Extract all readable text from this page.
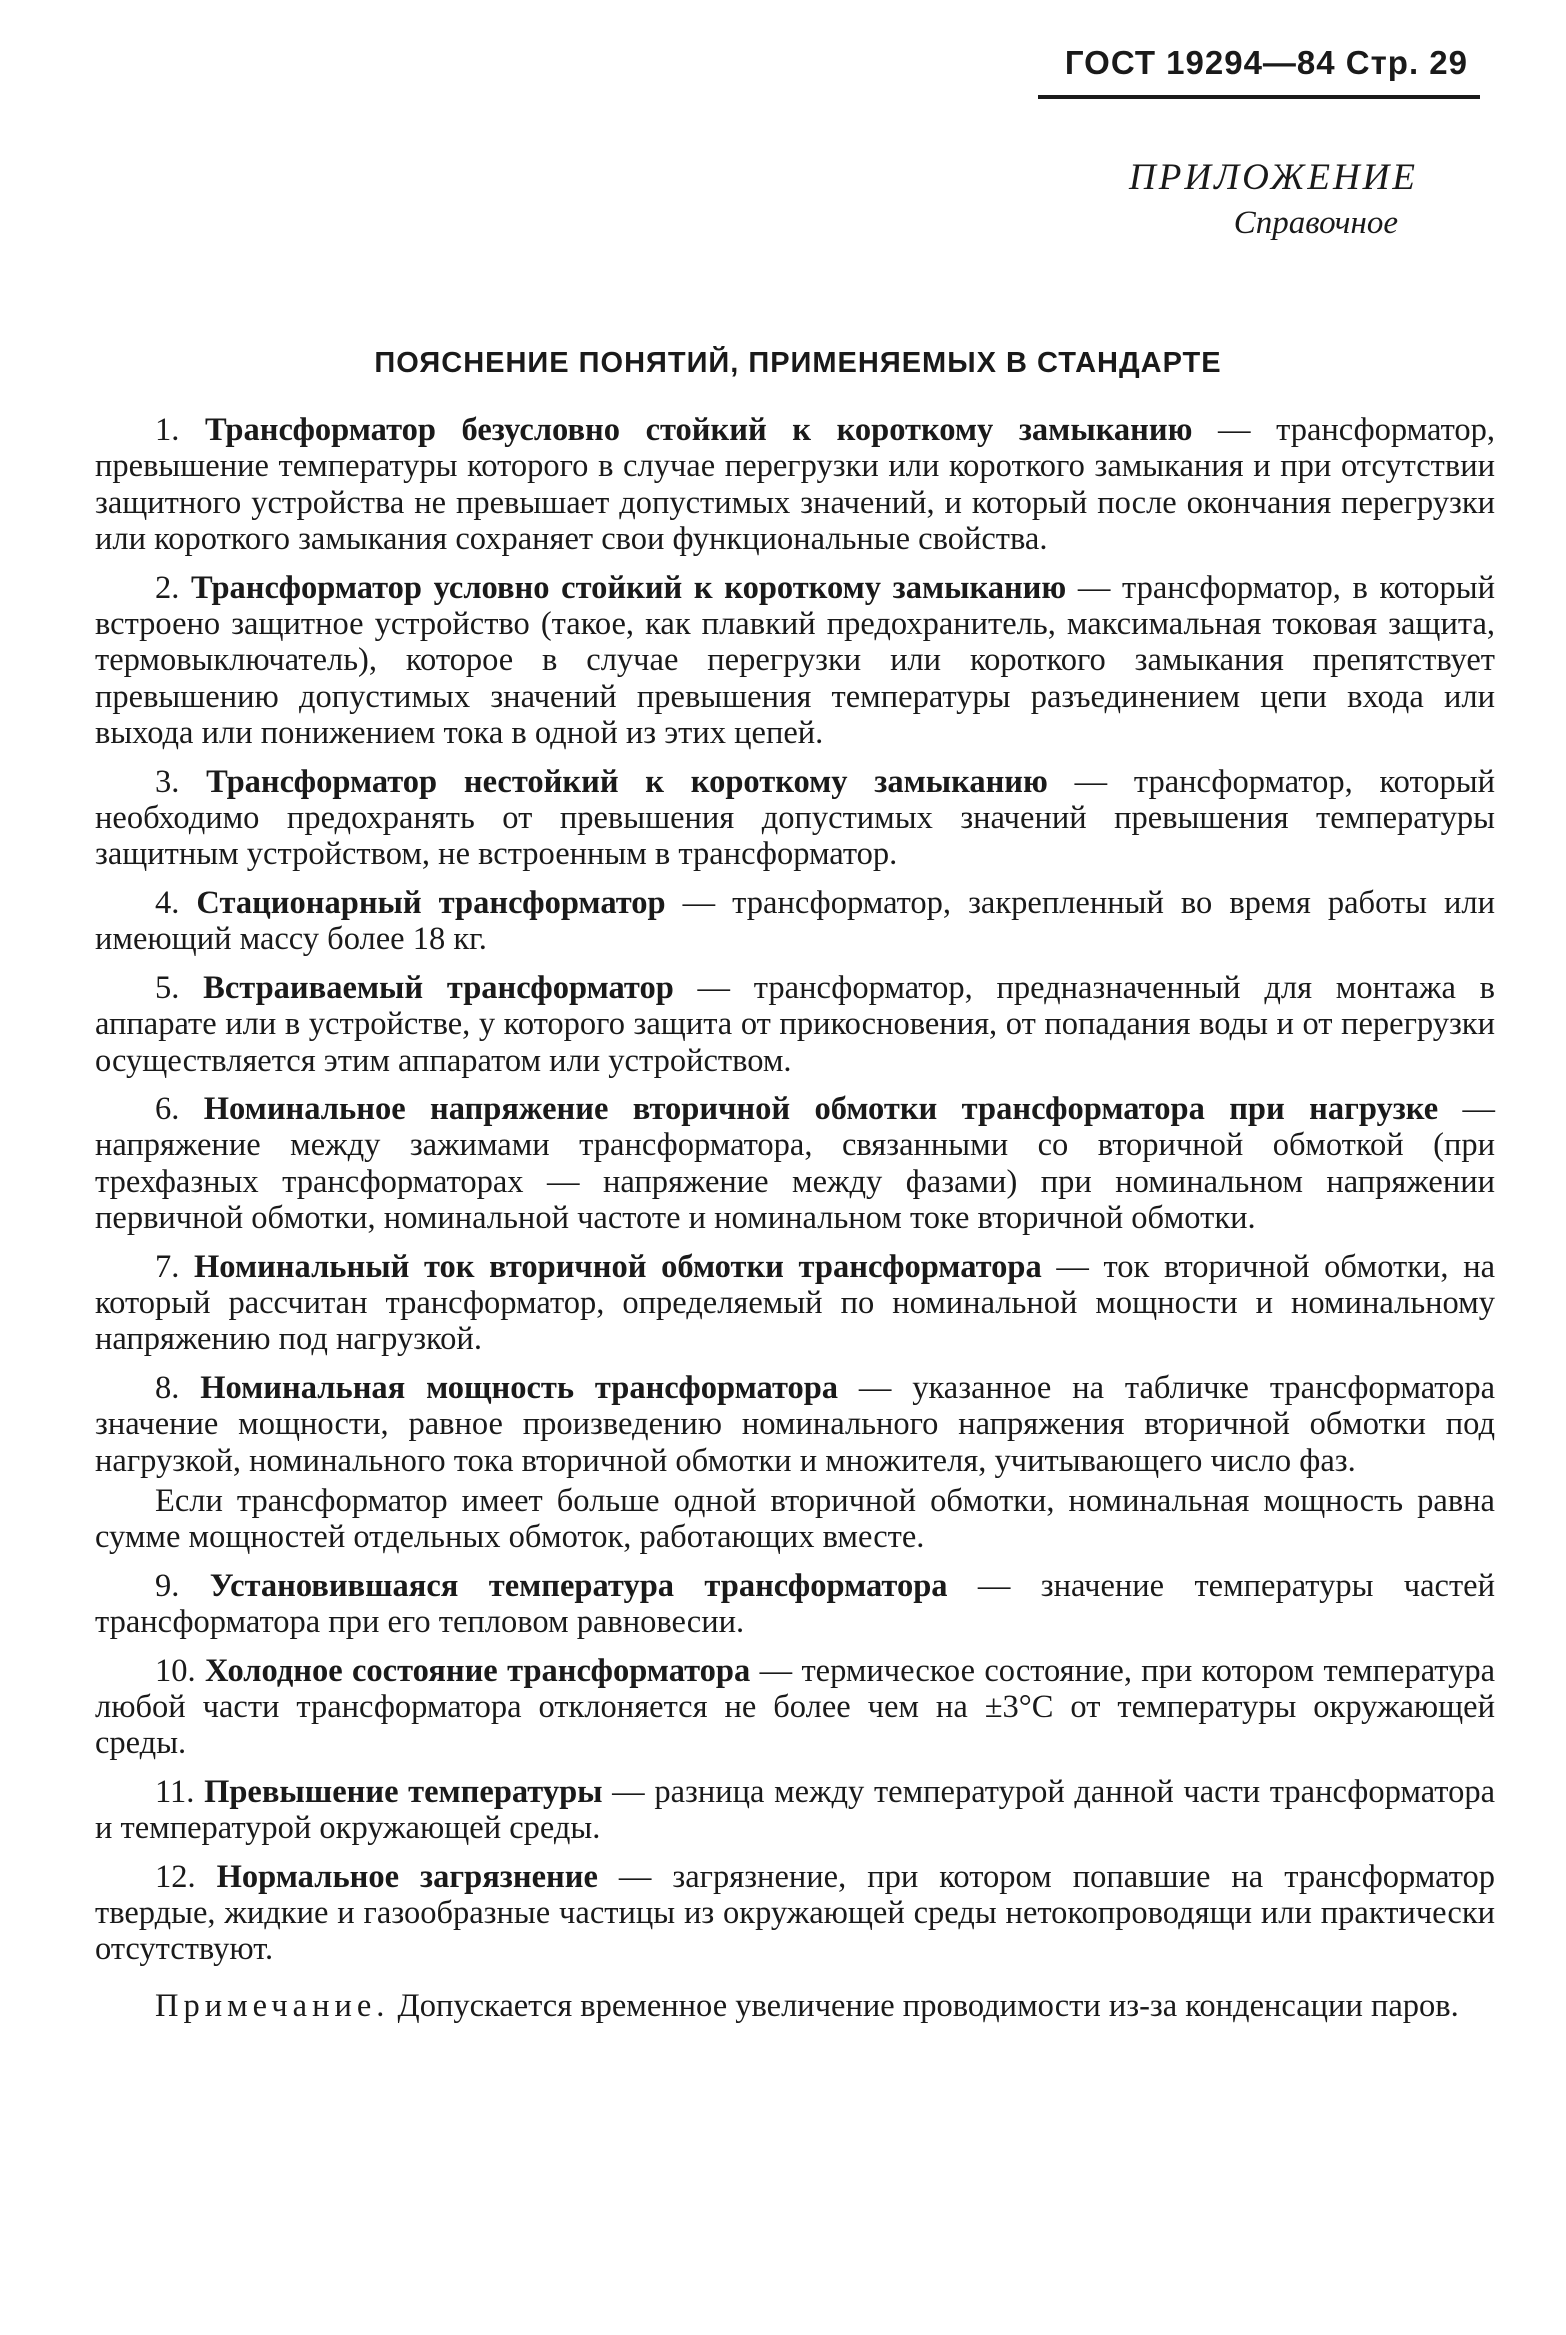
ГОСТ 19294—84 Стр. 29
ПРИЛОЖЕНИЕ
Справочное
ПОЯСНЕНИЕ ПОНЯТИЙ, ПРИМЕНЯЕМЫХ В СТАНДАРТЕ

1. Трансформатор безусловно стойкий к короткому замыканию — трансформатор, превышение температуры которого в случае перегрузки или короткого замыкания и при отсутствии защитного устройства не превышает допустимых значений, и который после окончания перегрузки или короткого замыкания сохраняет свои функциональные свойства.

2. Трансформатор условно стойкий к короткому замыканию — трансформатор, в который встроено защитное устройство (такое, как плавкий предохранитель, максимальная токовая защита, термовыключатель), которое в случае перегрузки или короткого замыкания препятствует превышению допустимых значений превышения температуры разъединением цепи входа или выхода или понижением тока в одной из этих цепей.

3. Трансформатор нестойкий к короткому замыканию — трансформатор, который необходимо предохранять от превышения допустимых значений превышения температуры защитным устройством, не встроенным в трансформатор.

4. Стационарный трансформатор — трансформатор, закрепленный во время работы или имеющий массу более 18 кг.

5. Встраиваемый трансформатор — трансформатор, предназначенный для монтажа в аппарате или в устройстве, у которого защита от прикосновения, от попадания воды и от перегрузки осуществляется этим аппаратом или устройством.

6. Номинальное напряжение вторичной обмотки трансформатора при нагрузке — напряжение между зажимами трансформатора, связанными со вторичной обмоткой (при трехфазных трансформаторах — напряжение между фазами) при номинальном напряжении первичной обмотки, номинальной частоте и номинальном токе вторичной обмотки.

7. Номинальный ток вторичной обмотки трансформатора — ток вторичной обмотки, на который рассчитан трансформатор, определяемый по номинальной мощности и номинальному напряжению под нагрузкой.

8. Номинальная мощность трансформатора — указанное на табличке трансформатора значение мощности, равное произведению номинального напряжения вторичной обмотки под нагрузкой, номинального тока вторичной обмотки и множителя, учитывающего число фаз.

Если трансформатор имеет больше одной вторичной обмотки, номинальная мощность равна сумме мощностей отдельных обмоток, работающих вместе.

9. Установившаяся температура трансформатора — значение температуры частей трансформатора при его тепловом равновесии.

10. Холодное состояние трансформатора — термическое состояние, при котором температура любой части трансформатора отклоняется не более чем на ±3°С от температуры окружающей среды.

11. Превышение температуры — разница между температурой данной части трансформатора и температурой окружающей среды.

12. Нормальное загрязнение — загрязнение, при котором попавшие на трансформатор твердые, жидкие и газообразные частицы из окружающей среды нетокопроводящи или практически отсутствуют.

Примечание. Допускается временное увеличение проводимости из-за конденсации паров.
